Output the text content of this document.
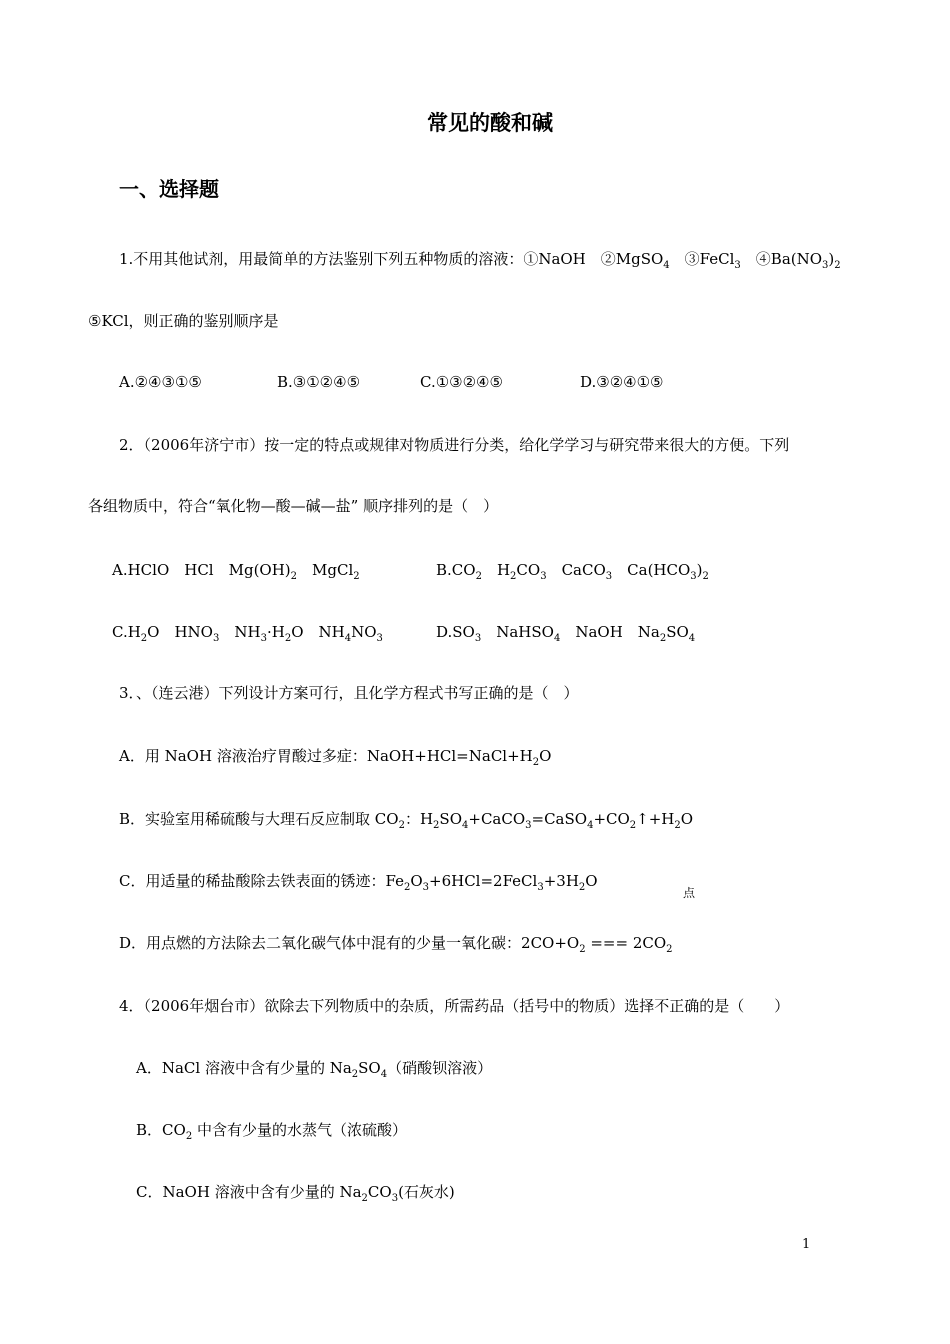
常见的酸和碱
一、选择题
1.不用其他试剂，用最简单的方法鉴别下列五种物质的溶液：①NaOH　②MgSO$_4$　③FeCl$_3$　$④Ba(NO_3)_2$
⑤KCl，则正确的鉴别顺序是
A.②④③①⑤	B.③①②④⑤	C.①③②④⑤	D.③②④①⑤
2．（2006年济宁市）按一定的特点或规律对物质进行分类，给化学学习与研究带来很大的方便。下列
各组物质中，符合“氧化物—酸—碱—盐” 顺序排列的是（　）
A.HClO　HCl　$Mg(OH)_2$　MgCl$_2$	$B.CO_2$　$H_2CO_3$　CaCO$_3$　$Ca(HCO_3)_2$
$C.H_2O$　$HNO_3$　$NH_3\cdot H_2O$　$NH_4NO_3$	$D.SO_3$　NaHSO$_4$　NaOH　$Na_2SO_4$
3．、（连云港）下列设计方案可行，且化学方程式书写正确的是（　）
A．用 NaOH 溶液治疗胃酸过多症：$NaOH+HCl=NaCl+H_2O$
B．实验室用稀硫酸与大理石反应制取 $CO_2$：$H_2SO_4+CaCO_3=CaSO_4+CO_2↑+H_2O$
C．用适量的稀盐酸除去铁表面的锈迹：$Fe_2O_3+6HCl=2FeCl_3+3H_2O$
点
D．用点燃的方法除去二氧化碳气体中混有的少量一氧化碳：$2CO+O_2$ === $2CO_2$
4．（2006年烟台市）欲除去下列物质中的杂质，所需药品（括号中的物质）选择不正确的是（　　）
A．NaCl 溶液中含有少量的 $Na_2SO_4$（硝酸钡溶液）
B．$CO_2$ 中含有少量的水蒸气（浓硫酸）
C．NaOH 溶液中含有少量的 $Na_2CO_3$(石灰水)
1
